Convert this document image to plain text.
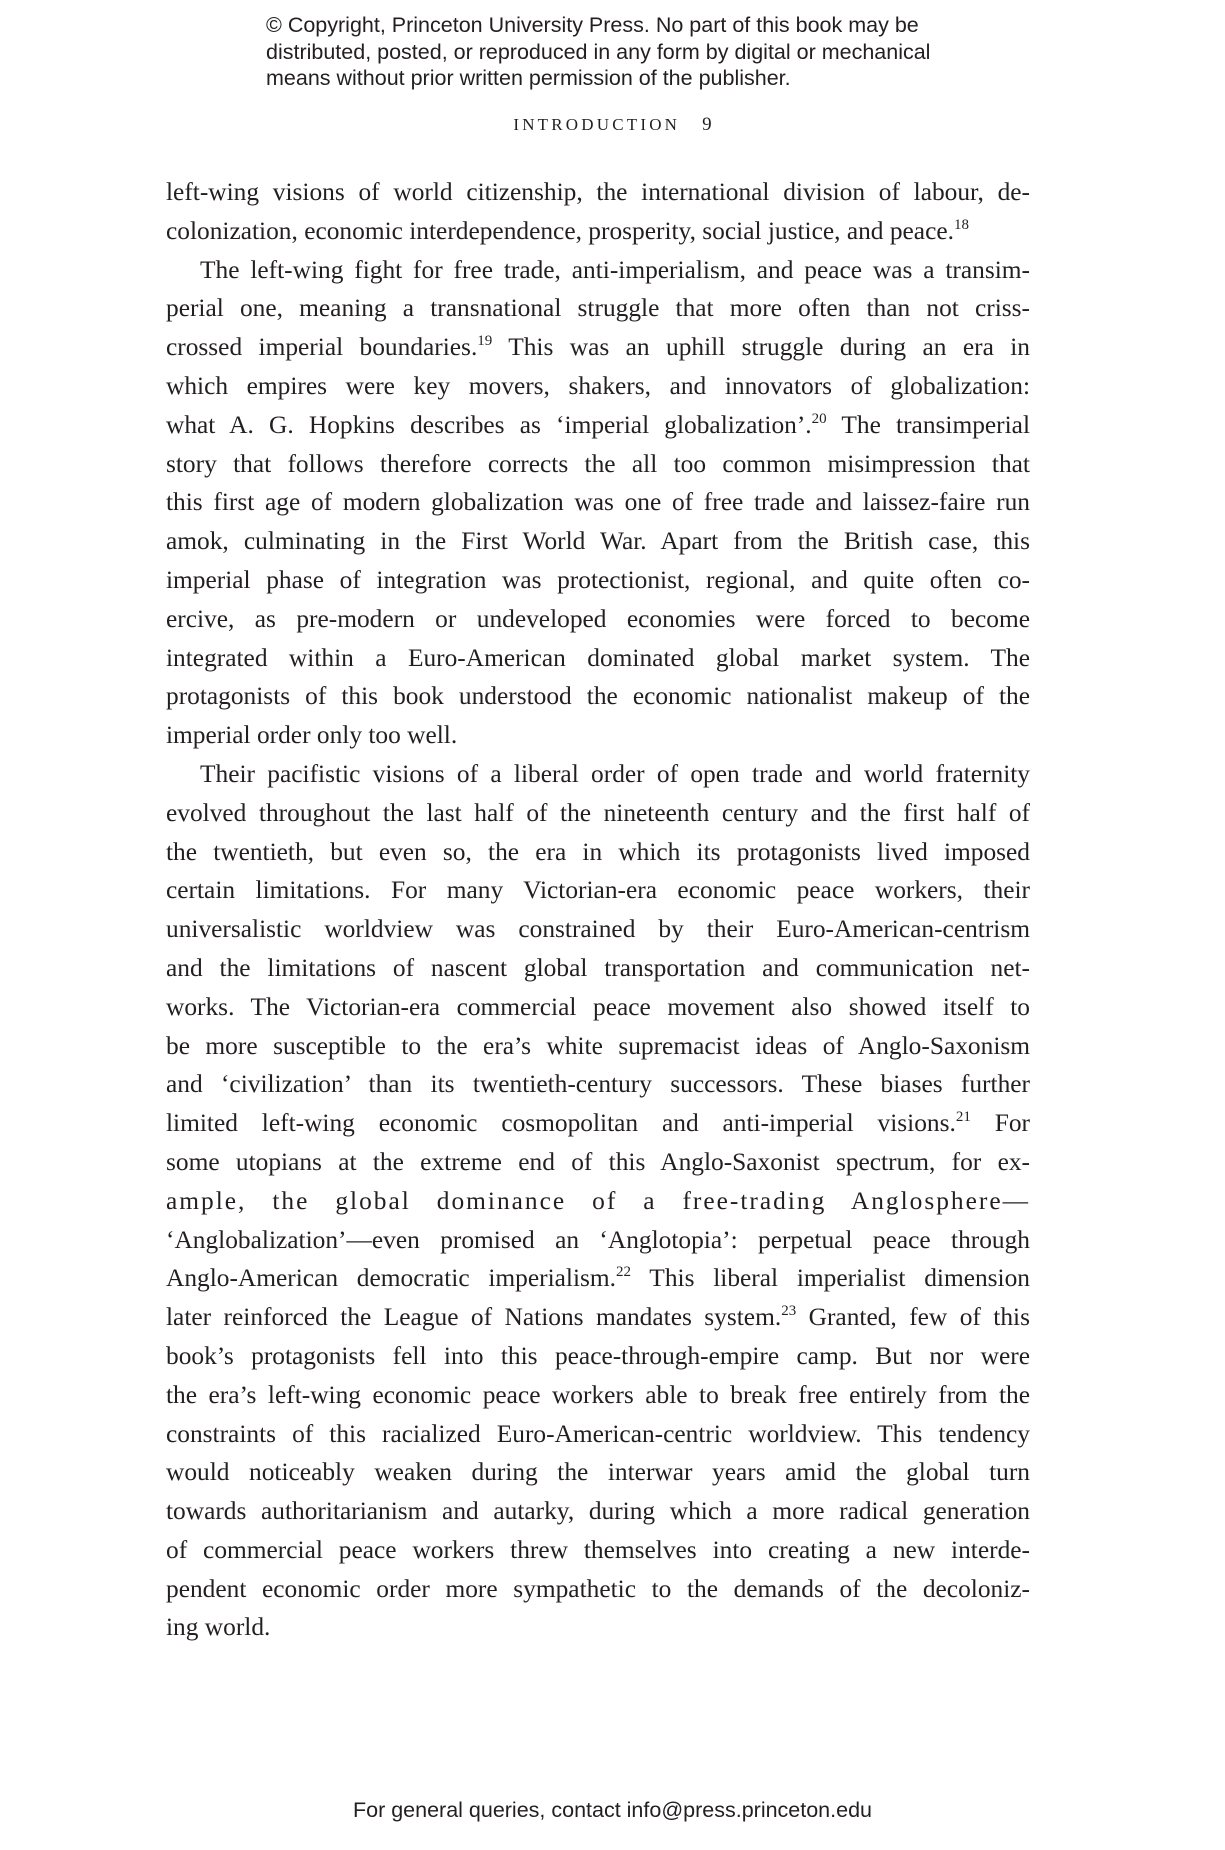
© Copyright, Princeton University Press. No part of this book may be
distributed, posted, or reproduced in any form by digital or mechanical
means without prior written permission of the publisher.
INTRODUCTION 9
left-wing visions of world citizenship, the international division of labour, de-
colonization, economic interdependence, prosperity, social justice, and peace.$^{18}$
The left-wing fight for free trade, anti-imperialism, and peace was a transim-
perial one, meaning a transnational struggle that more often than not criss-
crossed imperial boundaries.$^{19}$ This was an uphill struggle during an era in
which empires were key movers, shakers, and innovators of globalization:
what A. G. Hopkins describes as ‘imperial globalization’.$^{20}$ The transimperial
story that follows therefore corrects the all too common misimpression that
this first age of modern globalization was one of free trade and laissez-faire run
amok, culminating in the First World War. Apart from the British case, this
imperial phase of integration was protectionist, regional, and quite often co-
ercive, as pre-modern or undeveloped economies were forced to become
integrated within a Euro-American dominated global market system. The
protagonists of this book understood the economic nationalist makeup of the
imperial order only too well.
Their pacifistic visions of a liberal order of open trade and world fraternity
evolved throughout the last half of the nineteenth century and the first half of
the twentieth, but even so, the era in which its protagonists lived imposed
certain limitations. For many Victorian-era economic peace workers, their
universalistic worldview was constrained by their Euro-American-centrism
and the limitations of nascent global transportation and communication net-
works. The Victorian-era commercial peace movement also showed itself to
be more susceptible to the era’s white supremacist ideas of Anglo-Saxonism
and ‘civilization’ than its twentieth-century successors. These biases further
limited left-wing economic cosmopolitan and anti-imperial visions.$^{21}$ For
some utopians at the extreme end of this Anglo-Saxonist spectrum, for ex-
ample, the global dominance of a free-trading Anglosphere—
‘Anglobalization’—even promised an ‘Anglotopia’: perpetual peace through
Anglo-American democratic imperialism.$^{22}$ This liberal imperialist dimension
later reinforced the League of Nations mandates system.$^{23}$ Granted, few of this
book’s protagonists fell into this peace-through-empire camp. But nor were
the era’s left-wing economic peace workers able to break free entirely from the
constraints of this racialized Euro-American-centric worldview. This tendency
would noticeably weaken during the interwar years amid the global turn
towards authoritarianism and autarky, during which a more radical generation
of commercial peace workers threw themselves into creating a new interde-
pendent economic order more sympathetic to the demands of the decoloniz-
ing world.
For general queries, contact info@press.princeton.edu
